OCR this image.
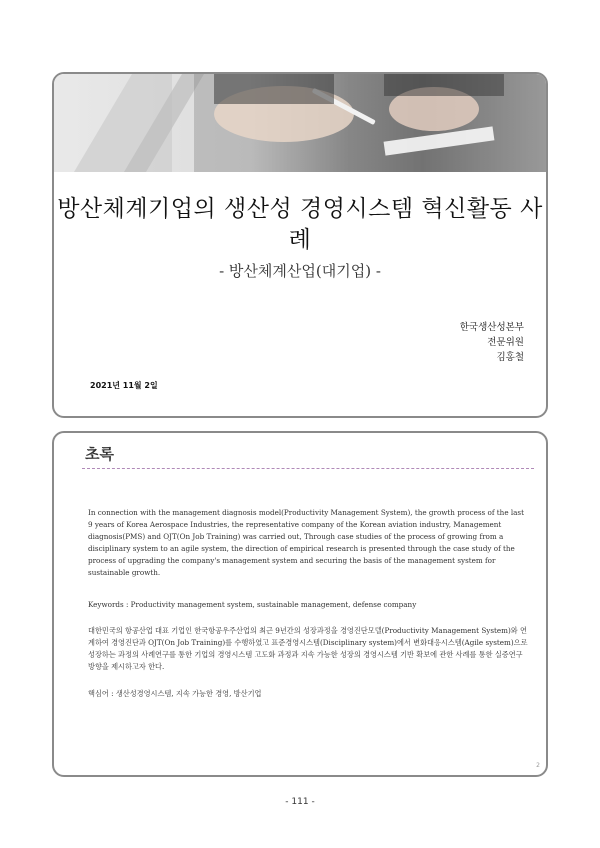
방산체계기업의 생산성 경영시스템 혁신활동 사
례
- 방산체계산업(대기업) -
한국생산성본부
전문위원
김홍철
2021년 11월 2일
초록
In connection with the management diagnosis model(Productivity Management System), the growth process of the last 9 years of Korea Aerospace Industries, the representative company of the Korean aviation industry, Management diagnosis(PMS) and OJT(On Job Training) was carried out, Through case studies of the process of growing from a disciplinary system to an agile system, the direction of empirical research is presented through the case study of the process of upgrading the company's management system and securing the basis of the management system for sustainable growth.
Keywords : Productivity management system, sustainable management, defense company
대한민국의 항공산업 대표 기업인 한국항공우주산업의 최근 9년간의 성장과정을 경영진단모델(Productivity Management System)와 연계하여 경영진단과 OJT(On Job Training)를 수행하였고 표준경영시스템(Disciplinary system)에서 변화대응시스템(Agile system)으로 성장하는 과정의 사례연구를 통한 기업의 경영시스템 고도화 과정과 지속 가능한 성장의 경영시스템 기반 확보에 관한 사례를 통한 실증연구 방향을 제시하고자 한다.
핵심어 : 생산성경영시스템, 지속 가능한 경영, 방산기업
2
- 111 -
